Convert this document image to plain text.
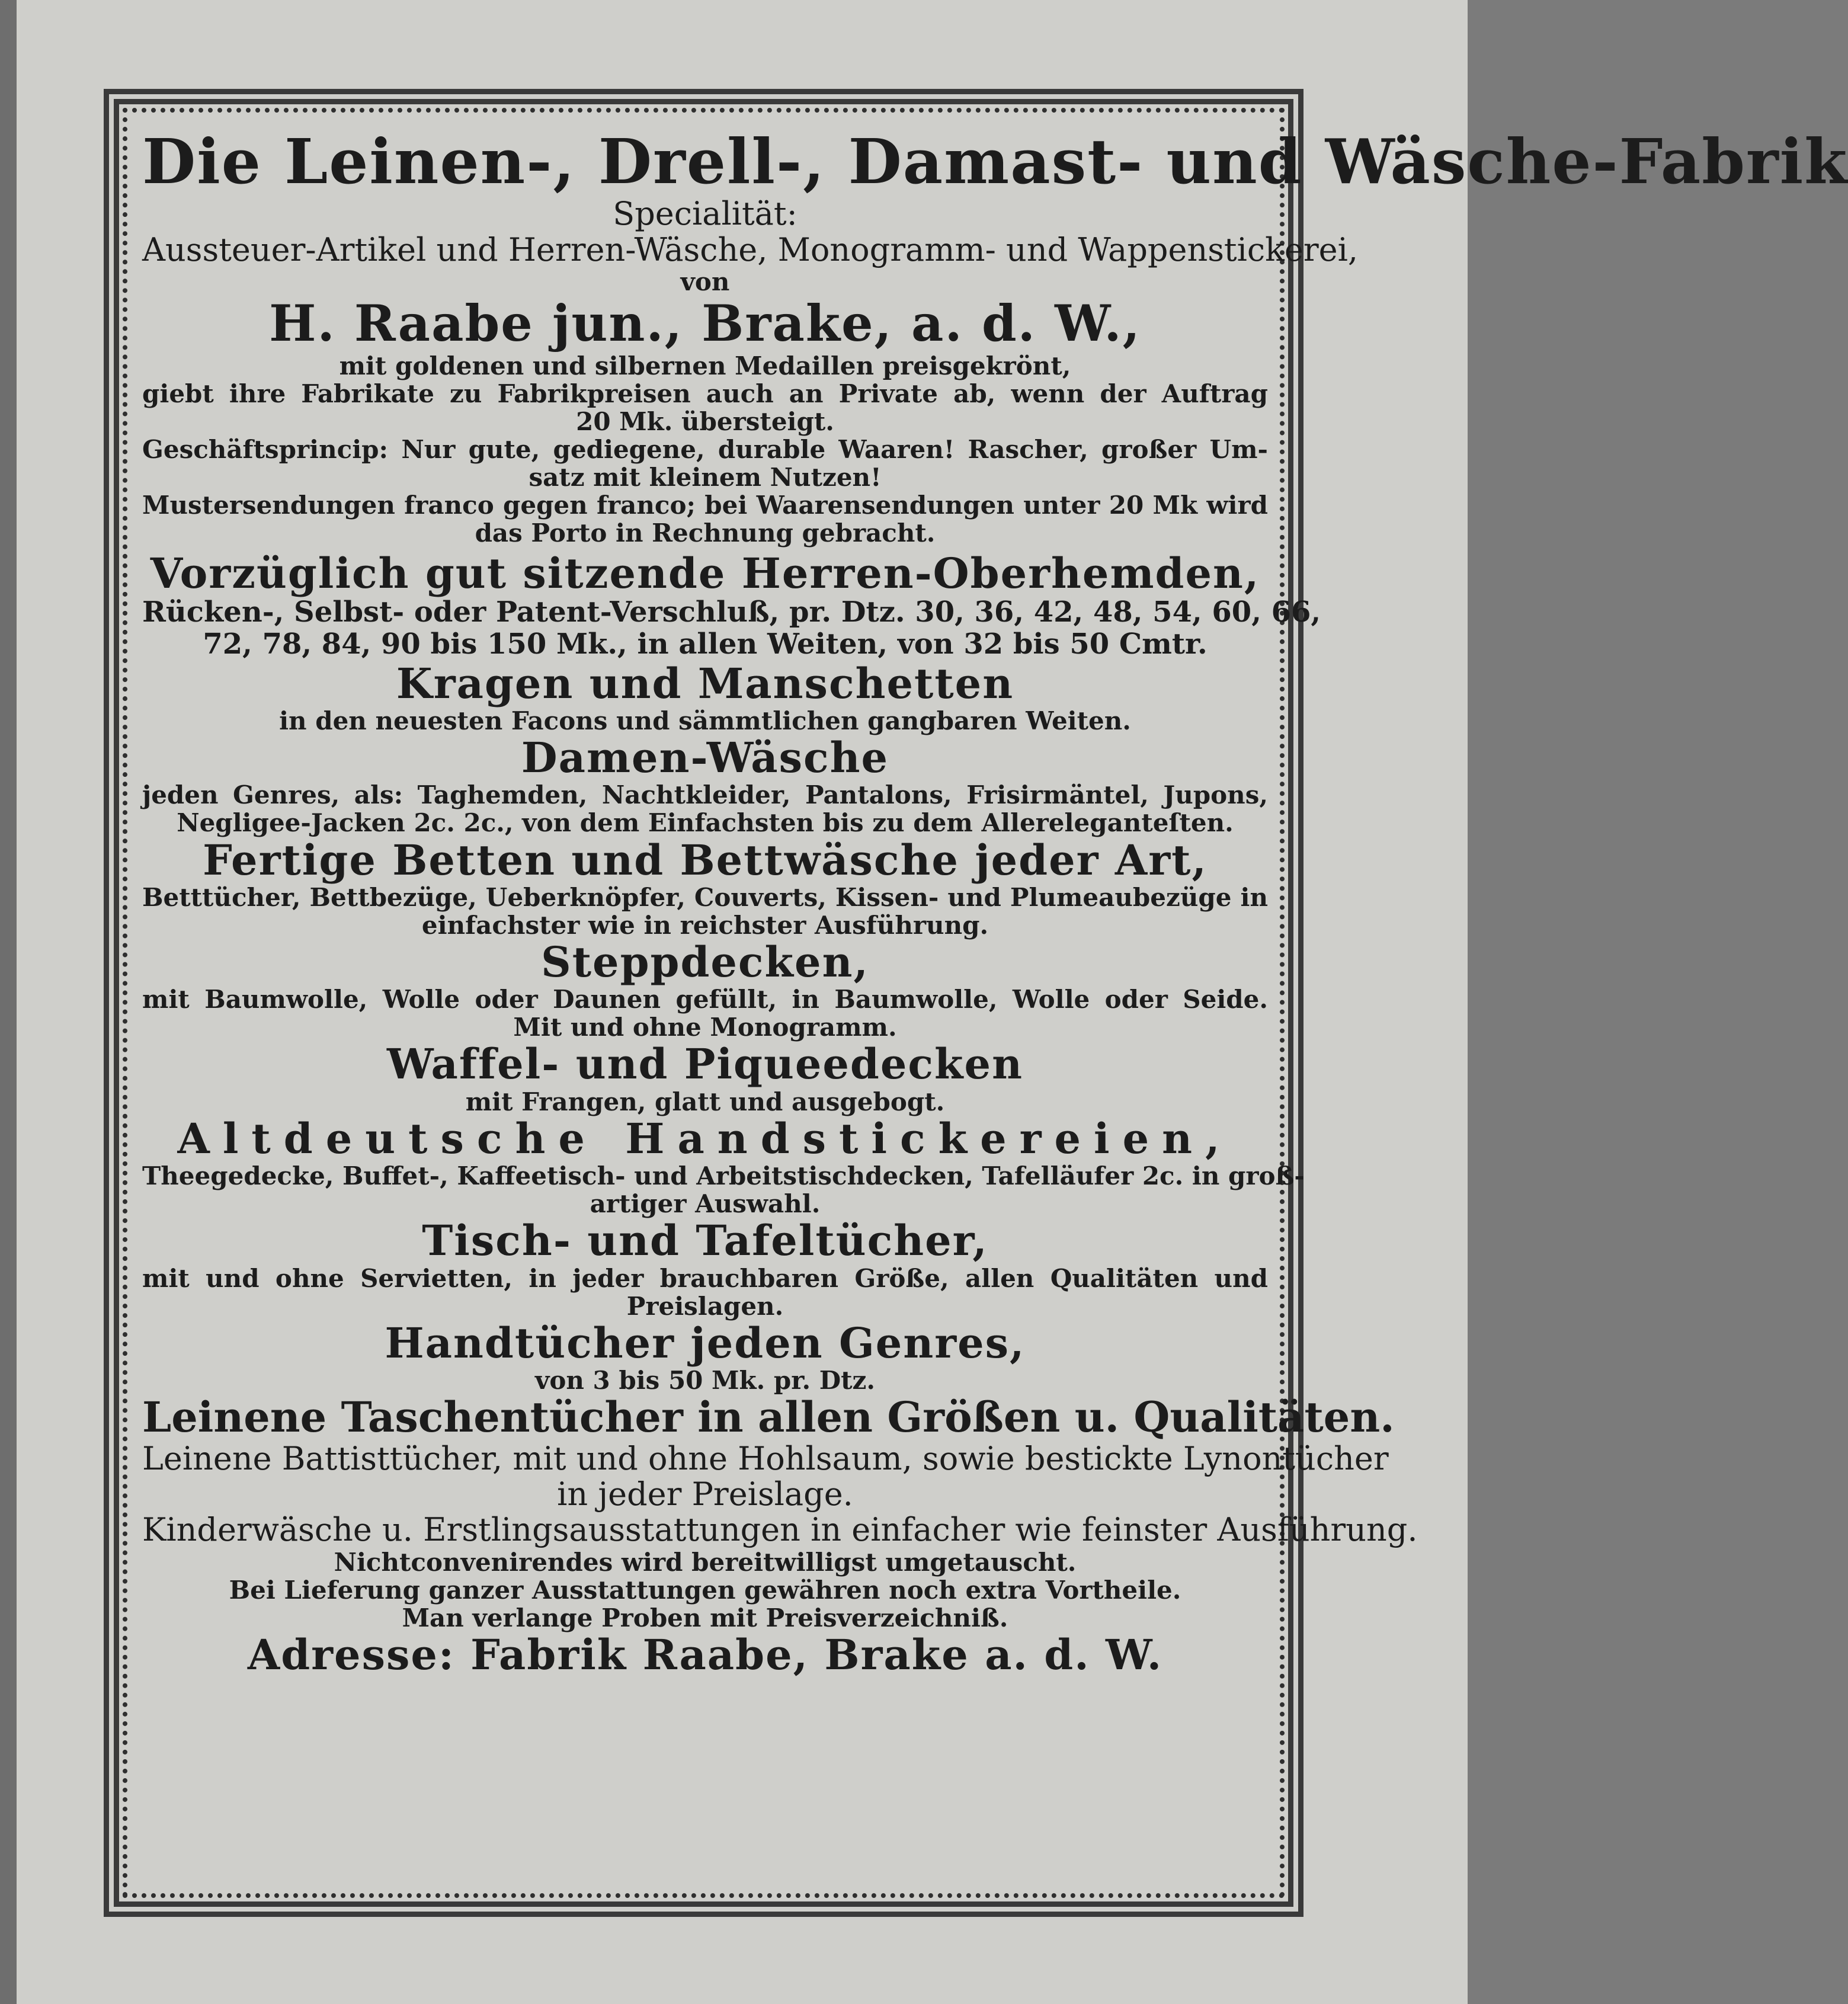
Die Leinen-, Drell-, Damast- und Wäsche-Fabrik

Specialität:

Aussteuer-Artikel und Herren-Wäsche, Monogramm- und Wappenstickerei,

von

H. Raabe jun., Brake, a. d. W.,

mit goldenen und silbernen Medaillen preisgekrönt,

giebt ihre Fabrikate zu Fabrikpreisen auch an Private ab, wenn der Auftrag

20 Mk. übersteigt.

Geschäftsprincip: Nur gute, gediegene, durable Waaren! Rascher, großer Um-

satz mit kleinem Nutzen!

Mustersendungen franco gegen franco; bei Waarensendungen unter 20 Mk wird

das Porto in Rechnung gebracht.

Vorzüglich gut sitzende Herren-Oberhemden,

Rücken-, Selbst- oder Patent-Verschluß, pr. Dtz. 30, 36, 42, 48, 54, 60, 66,

72, 78, 84, 90 bis 150 Mk., in allen Weiten, von 32 bis 50 Cmtr.

Kragen und Manschetten

in den neuesten Facons und sämmtlichen gangbaren Weiten.

Damen-Wäsche

jeden Genres, als: Taghemden, Nachtkleider, Pantalons, Frisirmäntel, Jupons,

Negligee-Jacken 2c. 2c., von dem Einfachsten bis zu dem Allereleganteſten.

Fertige Betten und Bettwäsche jeder Art,

Betttücher, Bettbezüge, Ueberknöpfer, Couverts, Kissen- und Plumeaubezüge in

einfachster wie in reichster Ausführung.

Steppdecken,

mit Baumwolle, Wolle oder Daunen gefüllt, in Baumwolle, Wolle oder Seide.

Mit und ohne Monogramm.

Waffel- und Piqueedecken

mit Frangen, glatt und ausgebogt.

Altdeutsche Handstickereien,

Theegedecke, Buffet-, Kaffeetisch- und Arbeitstischdecken, Tafelläufer 2c. in groß-

artiger Auswahl.

Tisch- und Tafeltücher,

mit und ohne Servietten, in jeder brauchbaren Größe, allen Qualitäten und

Preislagen.

Handtücher jeden Genres,

von 3 bis 50 Mk. pr. Dtz.

Leinene Taschentücher in allen Größen u. Qualitäten.

Leinene Battisttücher, mit und ohne Hohlsaum, sowie bestickte Lynontücher

in jeder Preislage.

Kinderwäsche u. Erstlingsausstattungen in einfacher wie feinster Ausführung.

Nichtconvenirendes wird bereitwilligst umgetauscht.

Bei Lieferung ganzer Ausstattungen gewähren noch extra Vortheile.

Man verlange Proben mit Preisverzeichniß.

Adresse: Fabrik Raabe, Brake a. d. W.
